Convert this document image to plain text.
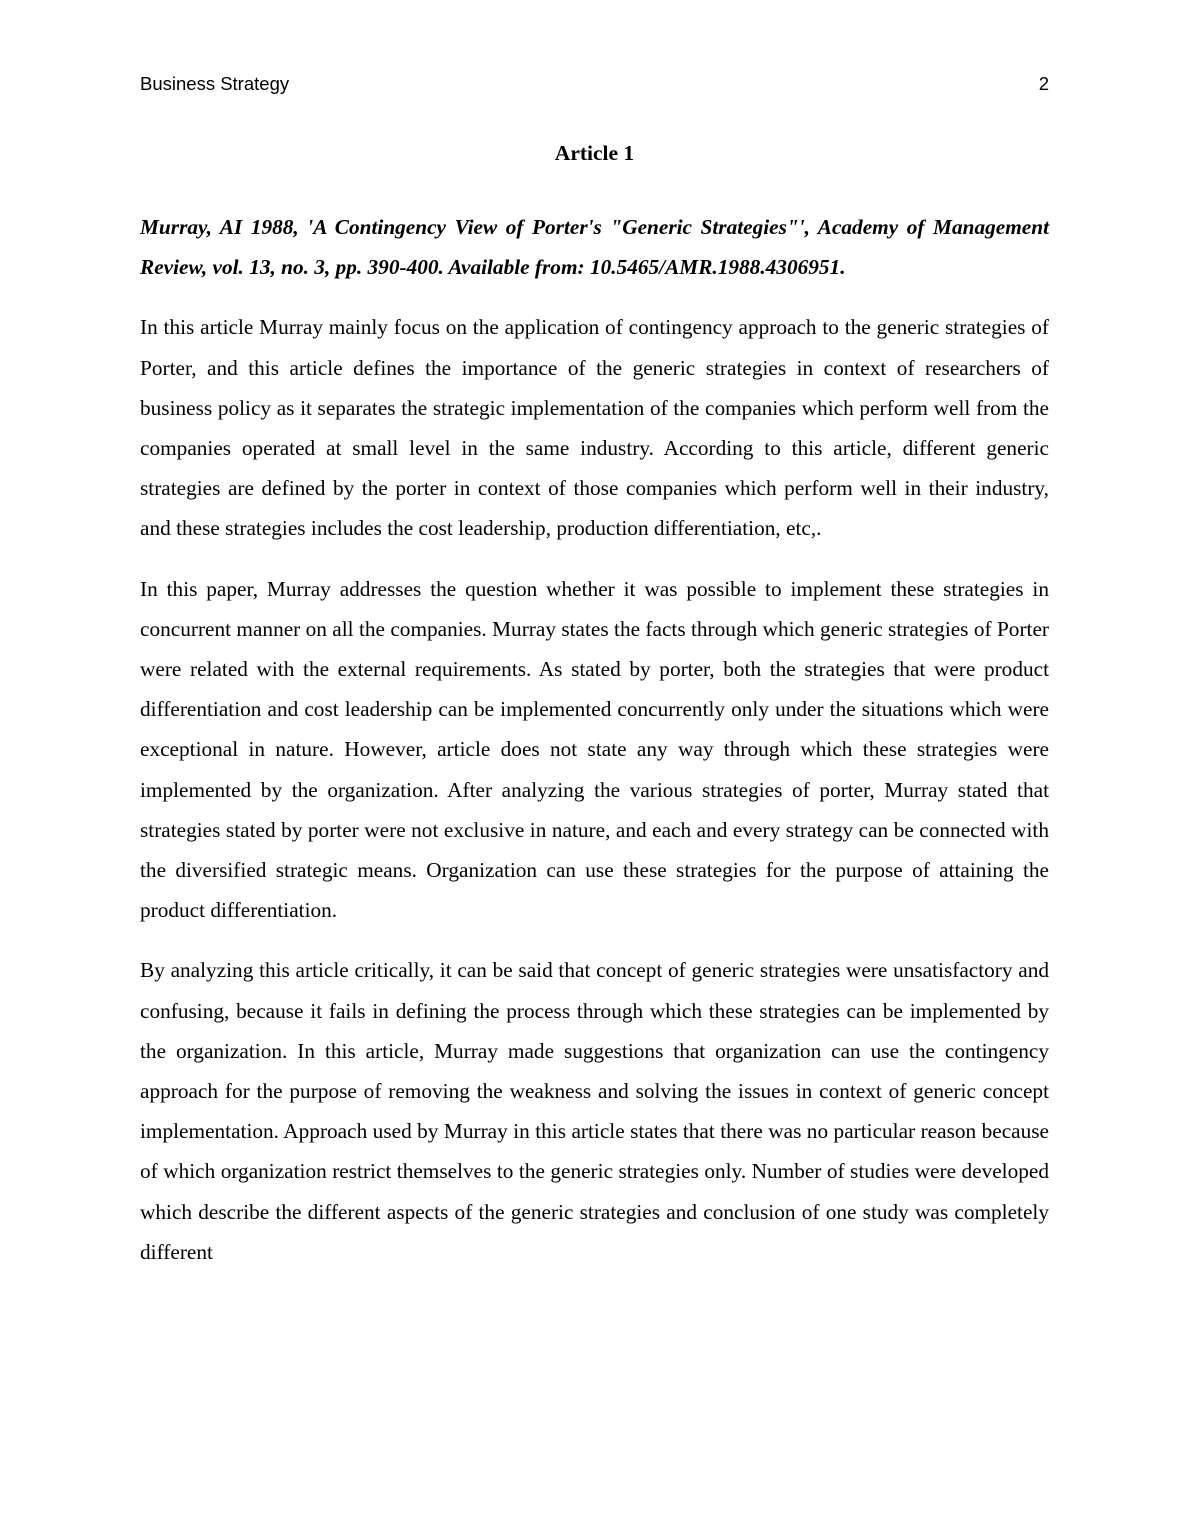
Business Strategy	2
Article 1

Murray, AI 1988, 'A Contingency View of Porter's "Generic Strategies"', Academy of Management Review, vol. 13, no. 3, pp. 390-400. Available from: 10.5465/AMR.1988.4306951.

In this article Murray mainly focus on the application of contingency approach to the generic strategies of Porter, and this article defines the importance of the generic strategies in context of researchers of business policy as it separates the strategic implementation of the companies which perform well from the companies operated at small level in the same industry. According to this article, different generic strategies are defined by the porter in context of those companies which perform well in their industry, and these strategies includes the cost leadership, production differentiation, etc,.

In this paper, Murray addresses the question whether it was possible to implement these strategies in concurrent manner on all the companies. Murray states the facts through which generic strategies of Porter were related with the external requirements. As stated by porter, both the strategies that were product differentiation and cost leadership can be implemented concurrently only under the situations which were exceptional in nature. However, article does not state any way through which these strategies were implemented by the organization. After analyzing the various strategies of porter, Murray stated that strategies stated by porter were not exclusive in nature, and each and every strategy can be connected with the diversified strategic means. Organization can use these strategies for the purpose of attaining the product differentiation.

By analyzing this article critically, it can be said that concept of generic strategies were unsatisfactory and confusing, because it fails in defining the process through which these strategies can be implemented by the organization. In this article, Murray made suggestions that organization can use the contingency approach for the purpose of removing the weakness and solving the issues in context of generic concept implementation. Approach used by Murray in this article states that there was no particular reason because of which organization restrict themselves to the generic strategies only. Number of studies were developed which describe the different aspects of the generic strategies and conclusion of one study was completely different
